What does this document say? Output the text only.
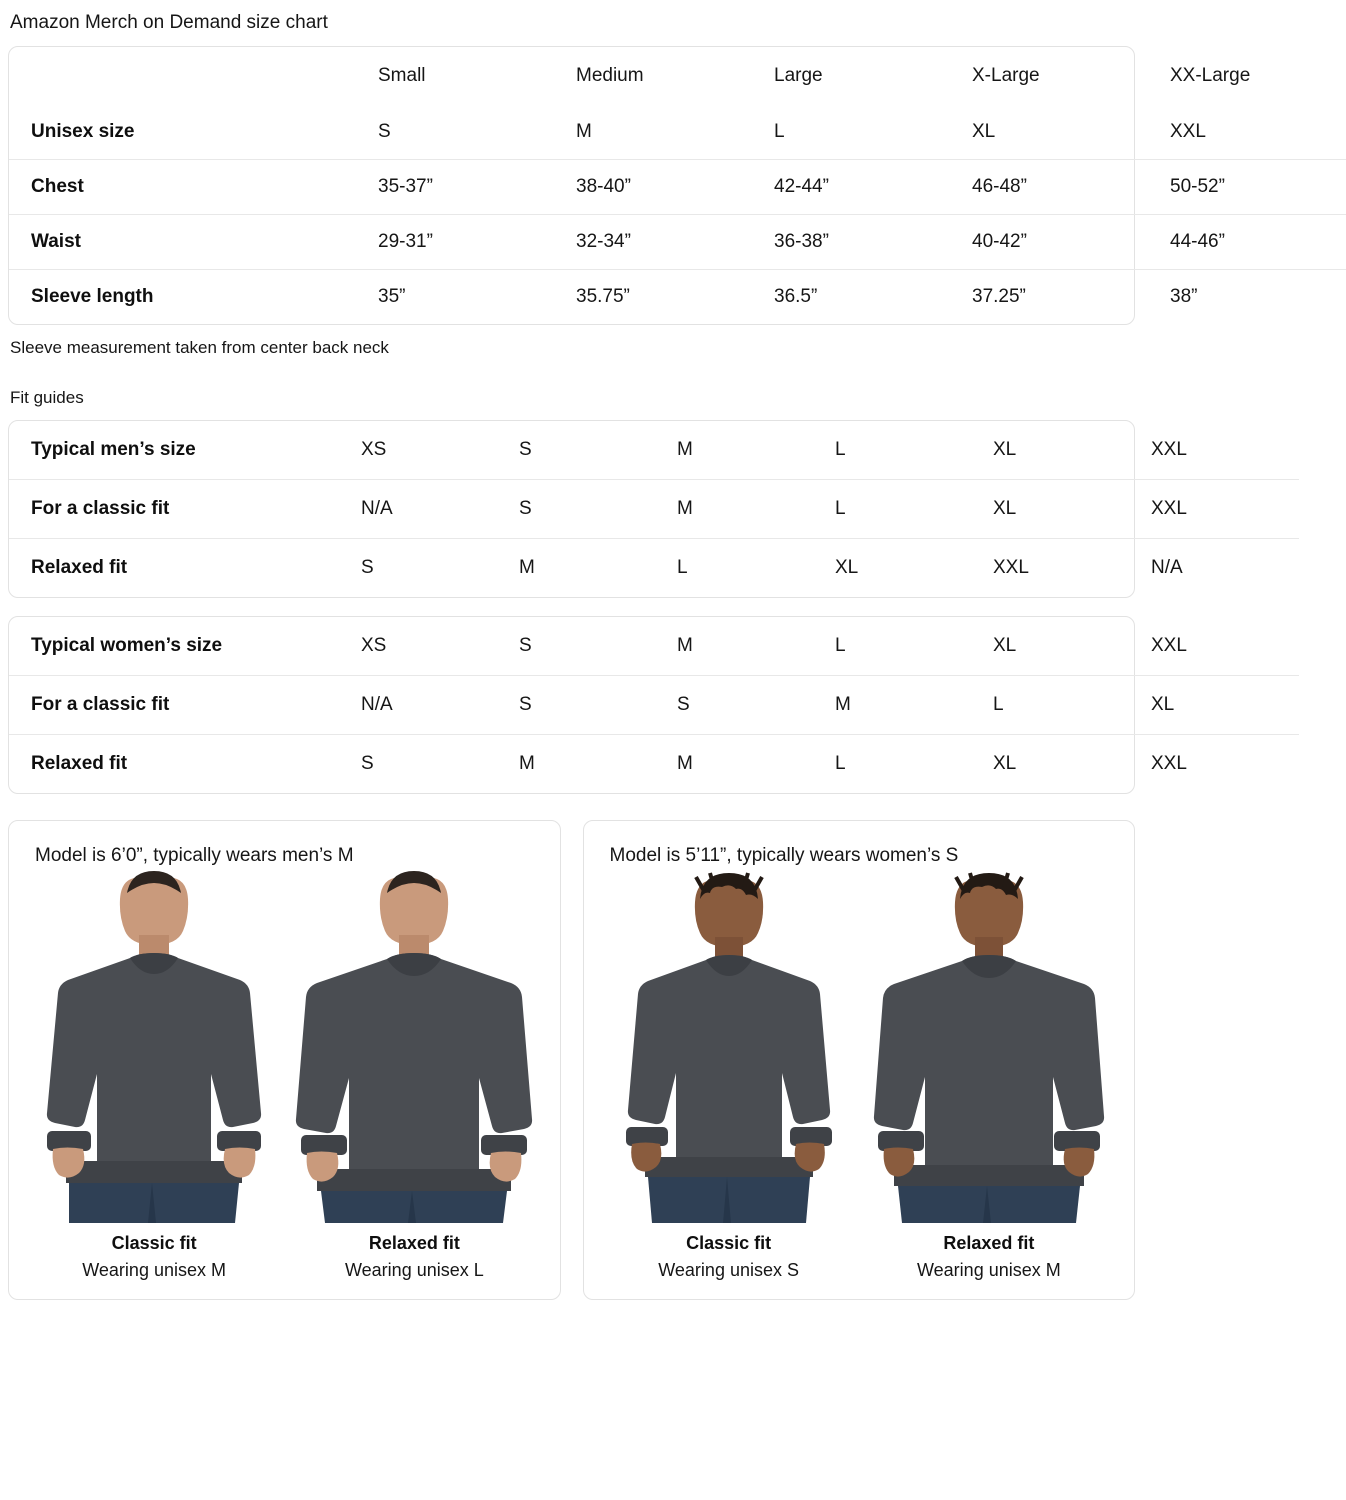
Amazon Merch on Demand size chart
	Small	Medium	Large	X-Large	XX-Large
Unisex size	S	M	L	XL	XXL
Chest	35-37”	38-40”	42-44”	46-48”	50-52”
Waist	29-31”	32-34”	36-38”	40-42”	44-46”
Sleeve length	35”	35.75”	36.5”	37.25”	38”
Sleeve measurement taken from center back neck
Fit guides
Typical men’s size	XS	S	M	L	XL	XXL
For a classic fit	N/A	S	M	L	XL	XXL
Relaxed fit	S	M	L	XL	XXL	N/A
Typical women’s size	XS	S	M	L	XL	XXL
For a classic fit	N/A	S	S	M	L	XL
Relaxed fit	S	M	M	L	XL	XXL
Model is 6’0”, typically wears men’s M
Classic fit
Wearing unisex M
Relaxed fit
Wearing unisex L
Model is 5’11”, typically wears women’s S
Classic fit
Wearing unisex S
Relaxed fit
Wearing unisex M
